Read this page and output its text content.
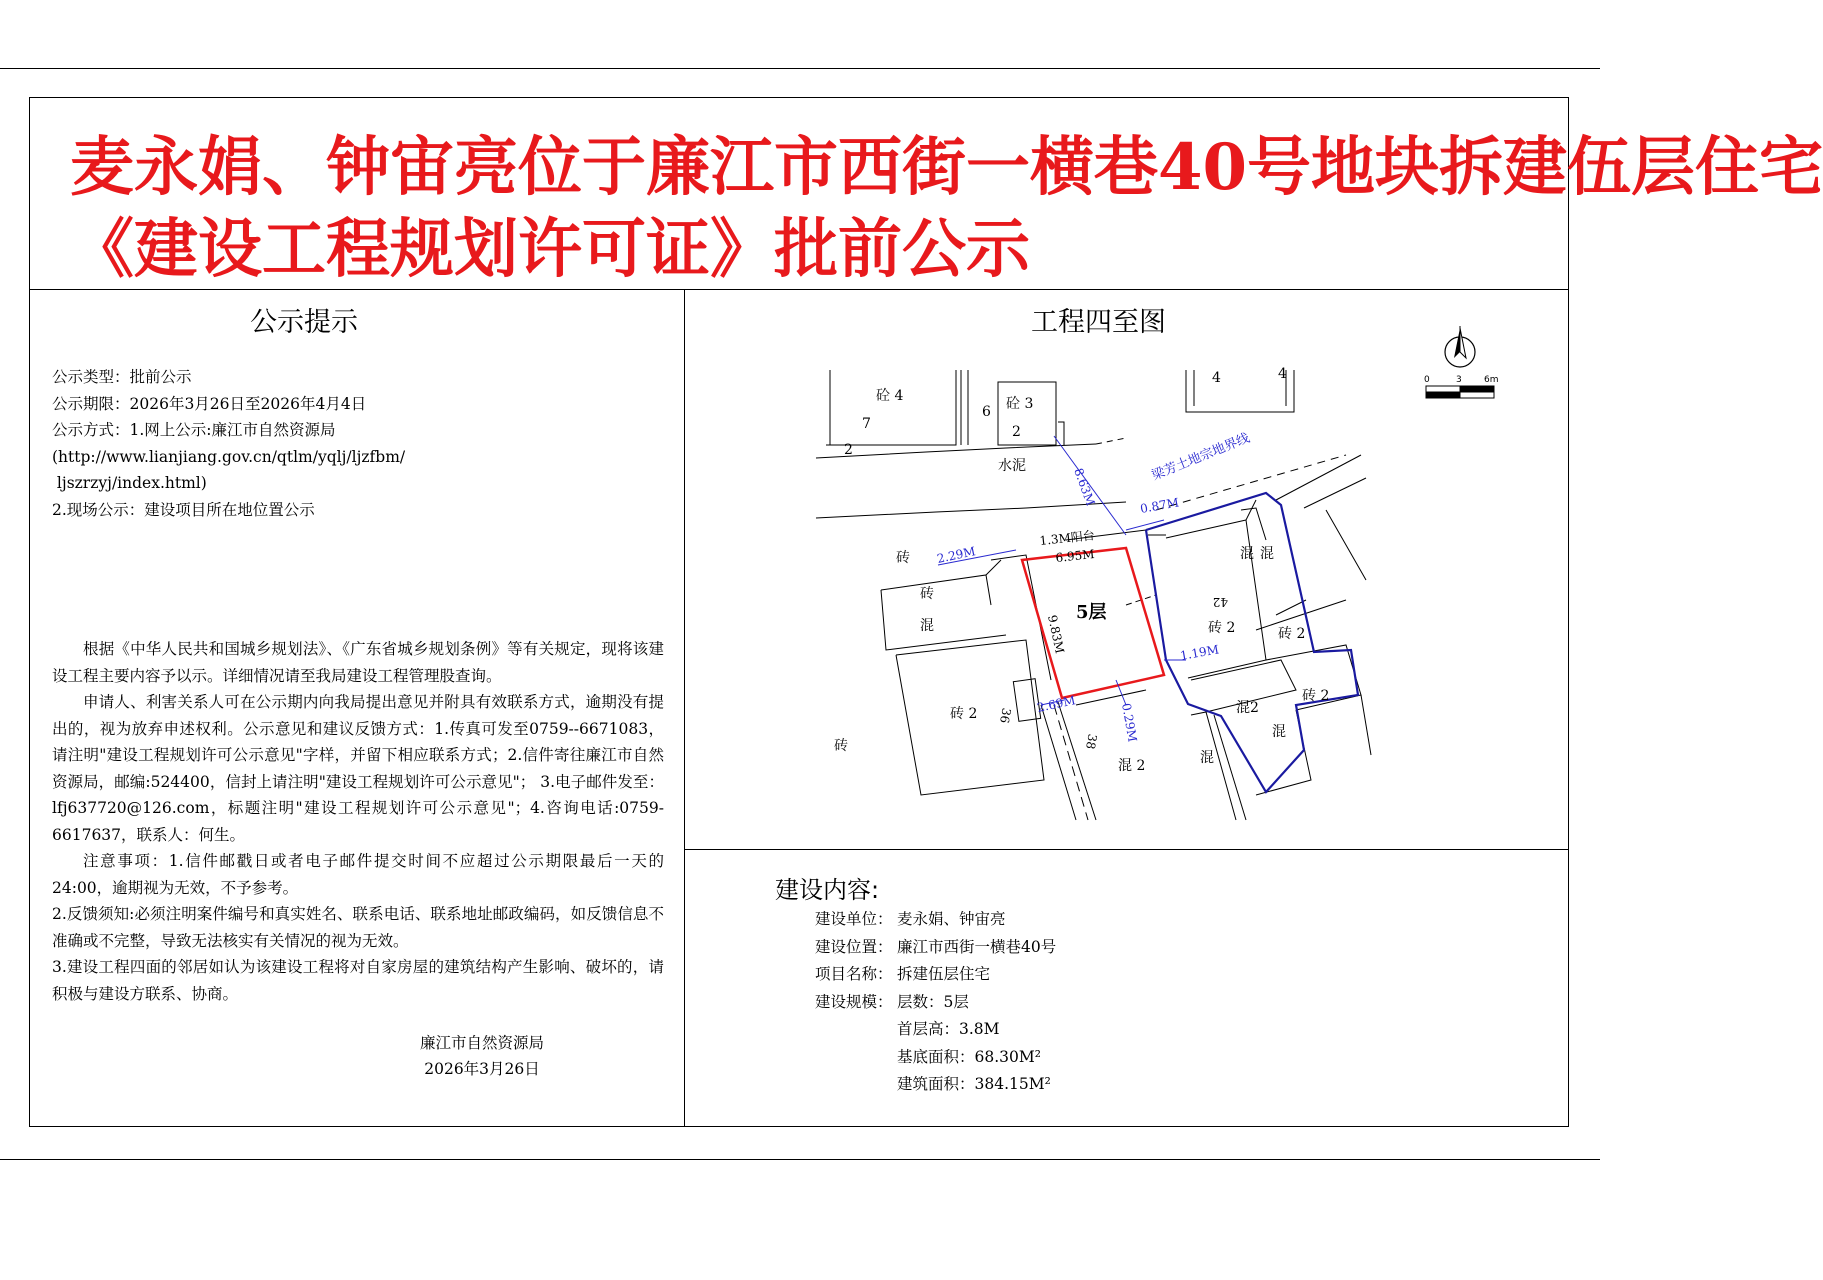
麦永娟、钟宙亮位于廉江市西街一横巷40号地块拆建伍层住宅
《建设工程规划许可证》批前公示
公示提示	工程四至图
建设内容:
建设单位： 麦永娟、钟宙亮
建设位置： 廉江市西街一横巷40号
项目名称： 拆建伍层住宅
建设规模： 层数：5层
首层高：3.8M
基底面积：68.30M²
建筑面积：384.15M²
公示类型：批前公示
公示期限：2026年3月26日至2026年4月4日
公示方式：1.网上公示:廉江市自然资源局
(http://www.lianjiang.gov.cn/qtlm/yqlj/ljzfbm/
ljszrzyj/index.html)
2.现场公示：建设项目所在地位置公示

根据《中华人民共和国城乡规划法》、《广东省城乡规划条例》等有关规定，现将该建设工程主要内容予以示。详细情况请至我局建设工程管理股查询。

申请人、利害关系人可在公示期内向我局提出意见并附具有效联系方式，逾期没有提出的，视为放弃申述权利。公示意见和建议反馈方式：1.传真可发至0759--6671083，请注明"建设工程规划许可公示意见"字样，并留下相应联系方式；2.信件寄往廉江市自然资源局，邮编:524400，信封上请注明"建设工程规划许可公示意见"； 3.电子邮件发至：lfj637720@126.com，标题注明"建设工程规划许可公示意见"；4.咨询电话:0759-6617637，联系人：何生。

注意事项：1.信件邮戳日或者电子邮件提交时间不应超过公示期限最后一天的24:00，逾期视为无效，不予参考。

2.反馈须知:必须注明案件编号和真实姓名、联系电话、联系地址邮政编码，如反馈信息不准确或不完整，导致无法核实有关情况的视为无效。

3.建设工程四面的邻居如认为该建设工程将对自家房屋的建筑结构产生影响、破坏的，请积极与建设方联系、协商。

廉江市自然资源局
2026年3月26日
0	3 6m
2.29M
8.63M	0.87M
1.19M
2.69M	0.29M
梁芳土地宗地界线
5层
6.95M
1.3M阳台
9.83M
水泥
砼 4	砼 3
7
6
2
2
4	4
砖
砖
混
砖
砖 2
砖 2	砖 2
砖 2
混 2
混2
混 混
混
混
42
36
38
